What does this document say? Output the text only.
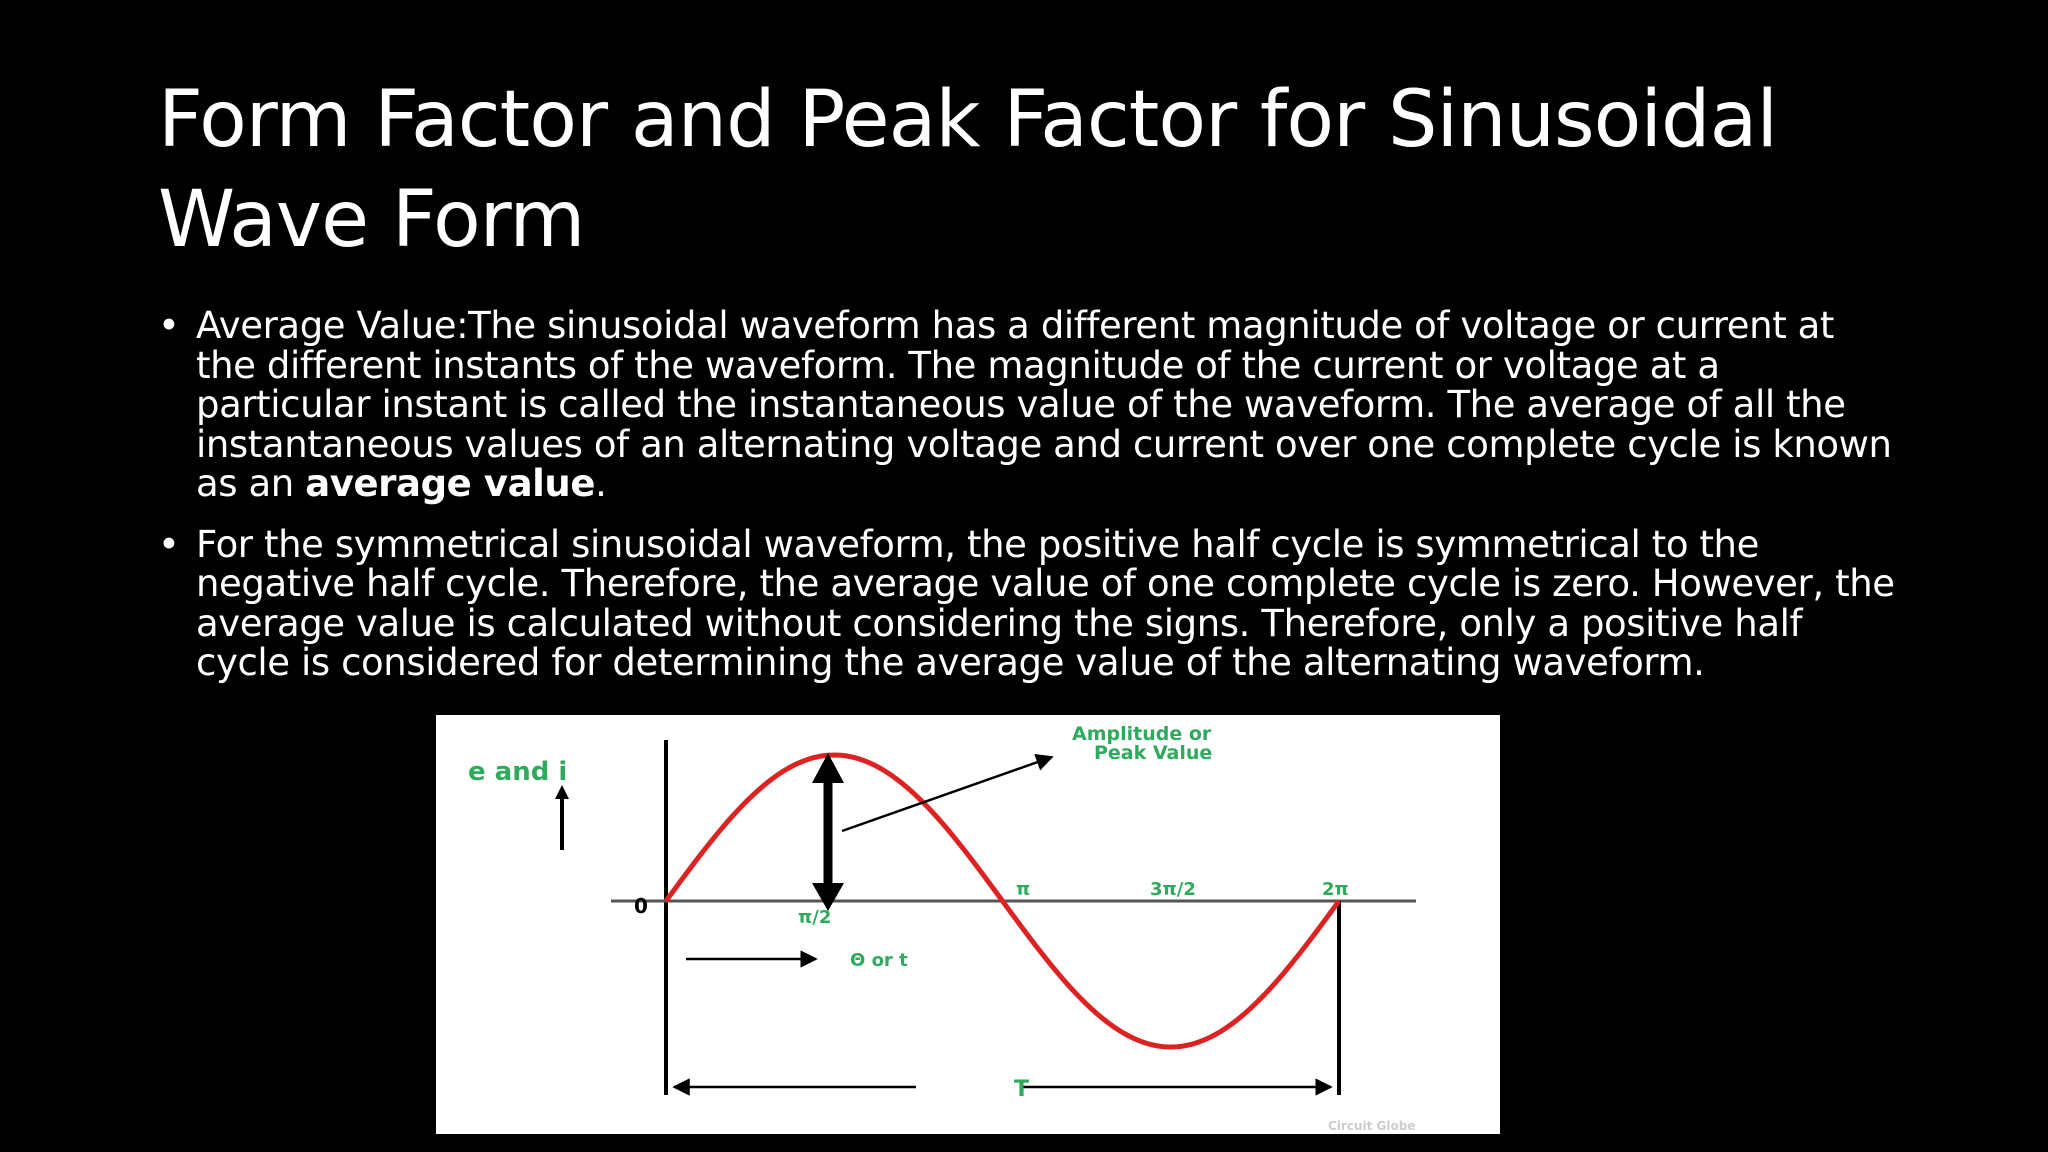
Form Factor and Peak Factor for Sinusoidal Wave Form
• Average Value:The sinusoidal waveform has a different magnitude of voltage or current at the different instants of the waveform. The magnitude of the current or voltage at a particular instant is called the instantaneous value of the waveform. The average of all the instantaneous values of an alternating voltage and current over one complete cycle is known as an average value.
• For the symmetrical sinusoidal waveform, the positive half cycle is symmetrical to the negative half cycle. Therefore, the average value of one complete cycle is zero. However, the average value is calculated without considering the signs. Therefore, only a positive half cycle is considered for determining the average value of the alternating waveform.
e and i
0
Amplitude or
Peak Value
π/2
π	3π/2	2π
Θ or t
T
Circuit Globe
